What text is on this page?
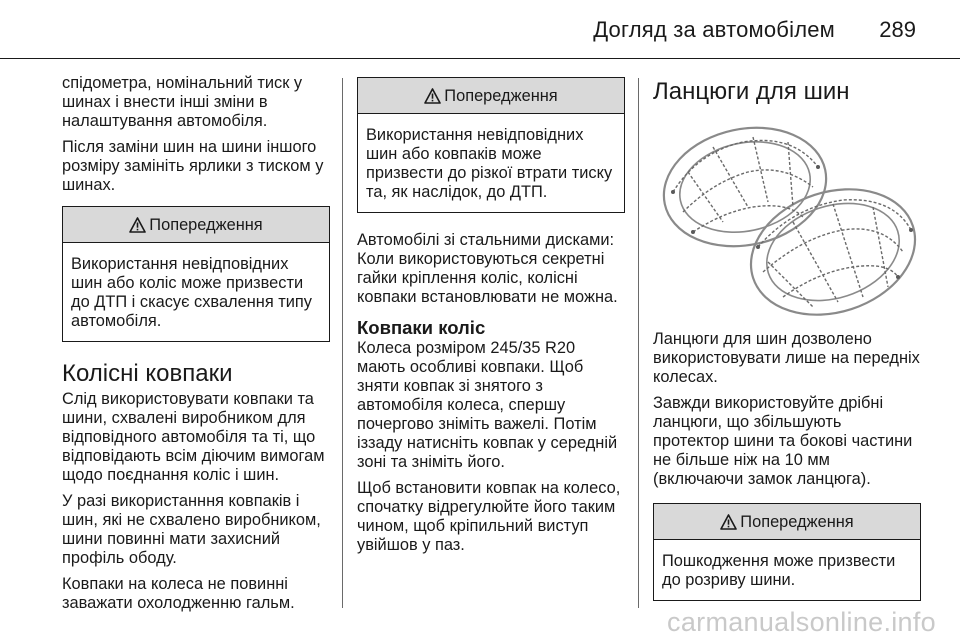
Догляд за автомобілем 289

спідометра, номінальний тиск у шинах і внести інші зміни в налаштування автомобіля.

Після заміни шин на шини іншого розміру замініть ярлики з тиском у шинах.

Попередження
Використання невідповідних шин або коліс може призвести до ДТП і скасує схвалення типу автомобіля.
Колісні ковпаки

Слід використовувати ковпаки та шини, схвалені виробником для відповідного автомобіля та ті, що відповідають всім діючим вимогам щодо поєднання коліс і шин.

У разі використанння ковпаків і шин, які не схвалено виробником, шини повинні мати захисний профіль ободу.

Ковпаки на колеса не повинні заважати охолодженню гальм.

Попередження
Використання невідповідних шин або ковпаків може призвести до різкої втрати тиску та, як наслідок, до ДТП.

Автомобілі зі стальними дисками: Коли використовуються секретні гайки кріплення коліс, колісні ковпаки встановлювати не можна.

Ковпаки коліс

Колеса розміром 245/35 R20 мають особливі ковпаки. Щоб зняти ковпак зі знятого з автомобіля колеса, спершу почергово зніміть важелі. Потім іззаду натисніть ковпак у середній зоні та зніміть його.

Щоб встановити ковпак на колесо, спочатку відрегулюйте його таким чином, щоб кріпильний виступ увійшов у паз.

Ланцюги для шин

Ланцюги для шин дозволено використовувати лише на передніх колесах.

Завжди використовуйте дрібні ланцюги, що збільшують протектор шини та бокові частини не більше ніж на 10 мм (включаючи замок ланцюга).

Попередження
Пошкодження може призвести до розриву шини.
carmanualsonline.info
